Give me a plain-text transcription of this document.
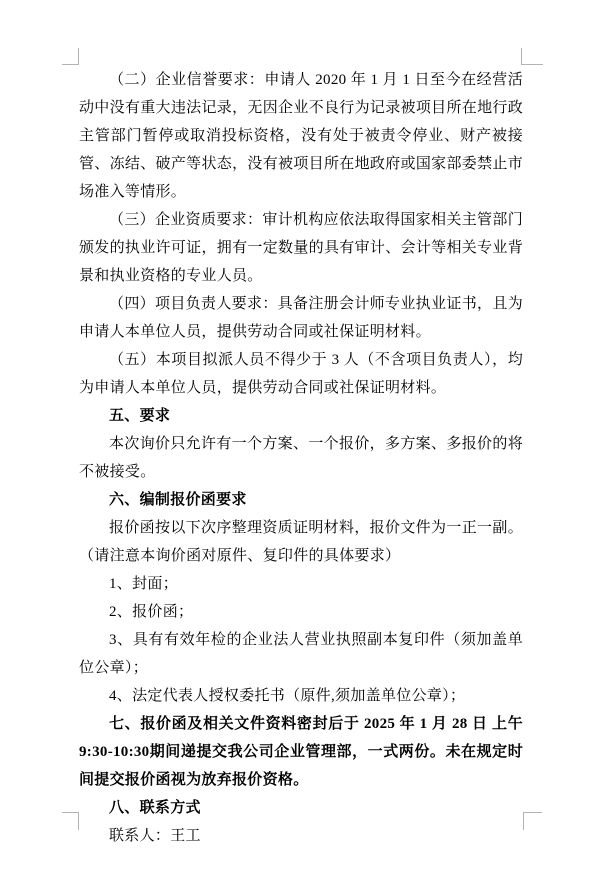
（二）企业信誉要求：申请人 2020 年 1 月 1 日至今在经营活动中没有重大违法记录，无因企业不良行为记录被项目所在地行政主管部门暂停或取消投标资格，没有处于被责令停业、财产被接管、冻结、破产等状态，没有被项目所在地政府或国家部委禁止市场准入等情形。

（三）企业资质要求：审计机构应依法取得国家相关主管部门颁发的执业许可证，拥有一定数量的具有审计、会计等相关专业背景和执业资格的专业人员。

（四）项目负责人要求：具备注册会计师专业执业证书，且为申请人本单位人员，提供劳动合同或社保证明材料。

（五）本项目拟派人员不得少于 3 人（不含项目负责人），均为申请人本单位人员，提供劳动合同或社保证明材料。

五、要求

本次询价只允许有一个方案、一个报价，多方案、多报价的将不被接受。

六、编制报价函要求

报价函按以下次序整理资质证明材料，报价文件为一正一副。（请注意本询价函对原件、复印件的具体要求）

1、封面；

2、报价函；

3、具有有效年检的企业法人营业执照副本复印件（须加盖单位公章）；

4、法定代表人授权委托书（原件,须加盖单位公章）；

七、报价函及相关文件资料密封后于 2025 年 1 月 28 日 上午9:30-10:30期间递提交我公司企业管理部，一式两份。未在规定时间提交报价函视为放弃报价资格。

八、联系方式

联系人：王工
